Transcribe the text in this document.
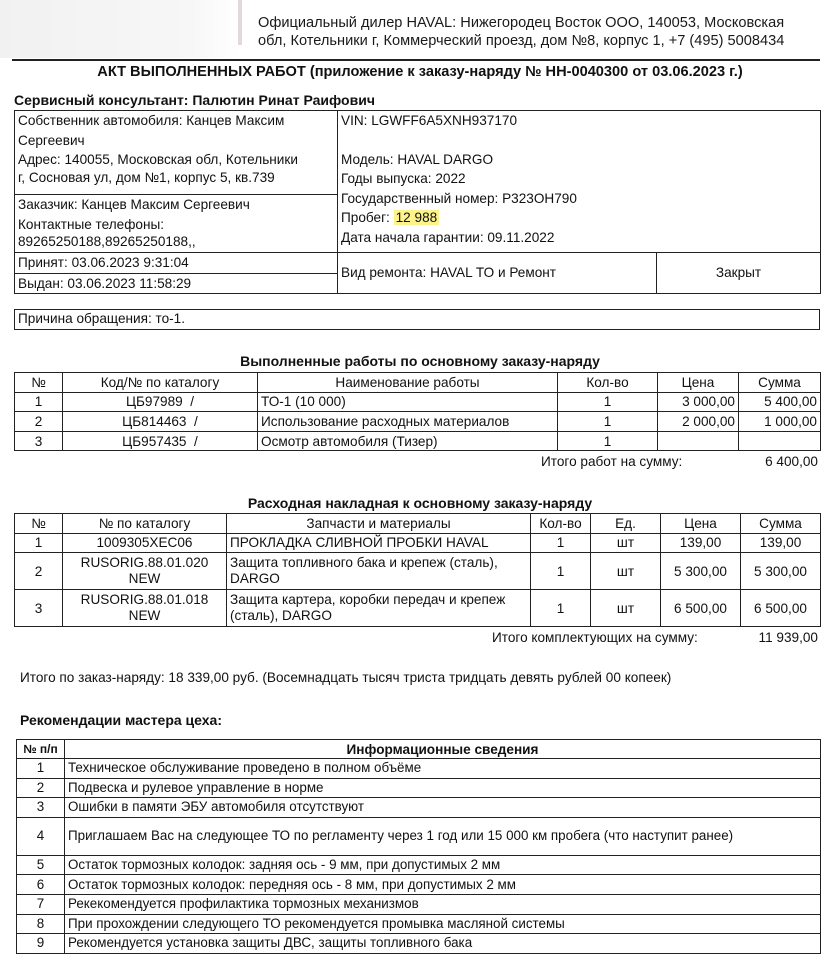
Официальный дилер HAVAL: Нижегородец Восток ООО, 140053, Московская
обл, Котельники г, Коммерческий проезд, дом №8, корпус 1, +7 (495) 5008434
АКТ ВЫПОЛНЕННЫХ РАБОТ (приложение к заказу-наряду № НН-0040300 от 03.06.2023 г.)
Сервисный консультант: Палютин Ринат Раифович
Собственник автомобиля: Канцев Максим
Сергеевич
Адрес: 140055, Московская обл, Котельники
г, Сосновая ул, дом №1, корпус 5, кв.739

VIN: LGWFF6A5XNH937170
Модель: HAVAL DARGO
Годы выпуска: 2022
Государственный номер: Р323ОН790
Пробег: 12 988
Дата начала гарантии: 09.11.2022

Заказчик: Канцев Максим Сергеевич
Контактные телефоны:
89265250188,89265250188,,		

Принят: 03.06.2023 9:31:04	Вид ремонта: HAVAL ТО и Ремонт	Закрыт
Выдан: 03.06.2023 11:58:29		
Причина обращения: то-1.
Выполненные работы по основному заказу-наряду
№	Код/№ по каталогу	Наименование работы	Кол-во	Цена	Сумма
1	ЦБ97989  /	ТО-1 (10 000)	1	3 000,00	5 400,00
2	ЦБ814463  /	Использование расходных материалов	1	2 000,00	1 000,00
3	ЦБ957435  /	Осмотр автомобиля (Тизер)	1		
Итого работ на сумму:	6 400,00
Расходная накладная к основному заказу-наряду
№	№ по каталогу	Запчасти и материалы	Кол-во	Ед.	Цена	Сумма
1	1009305XEC06	ПРОКЛАДКА СЛИВНОЙ ПРОБКИ HAVAL	1	шт	139,00	139,00
2	RUSORIG.88.01.020 NEW	Защита топливного бака и крепеж (сталь), DARGO	1	шт	5 300,00	5 300,00
3	RUSORIG.88.01.018 NEW	Защита картера, коробки передач и крепеж (сталь), DARGO	1	шт	6 500,00	6 500,00
Итого комплектующих на сумму:	11 939,00
Итого по заказ-наряду: 18 339,00 руб. (Восемнадцать тысяч триста тридцать девять рублей 00 копеек)
Рекомендации мастера цеха:
№ п/п	Информационные сведения
1	Техническое обслуживание проведено в полном объёме
2	Подвеска и рулевое управление в норме
3	Ошибки в памяти ЭБУ автомобиля отсутствуют
4	Приглашаем Вас на следующее ТО по регламенту через 1 год или 15 000 км пробега (что наступит ранее)
5	Остаток тормозных колодок: задняя ось - 9 мм, при допустимых 2 мм
6	Остаток тормозных колодок: передняя ось - 8 мм, при допустимых 2 мм
7	Рекекомендуется профилактика тормозных механизмов
8	При прохождении следующего ТО рекомендуется промывка масляной системы
9	Рекомендуется установка защиты ДВС, защиты топливного бака
